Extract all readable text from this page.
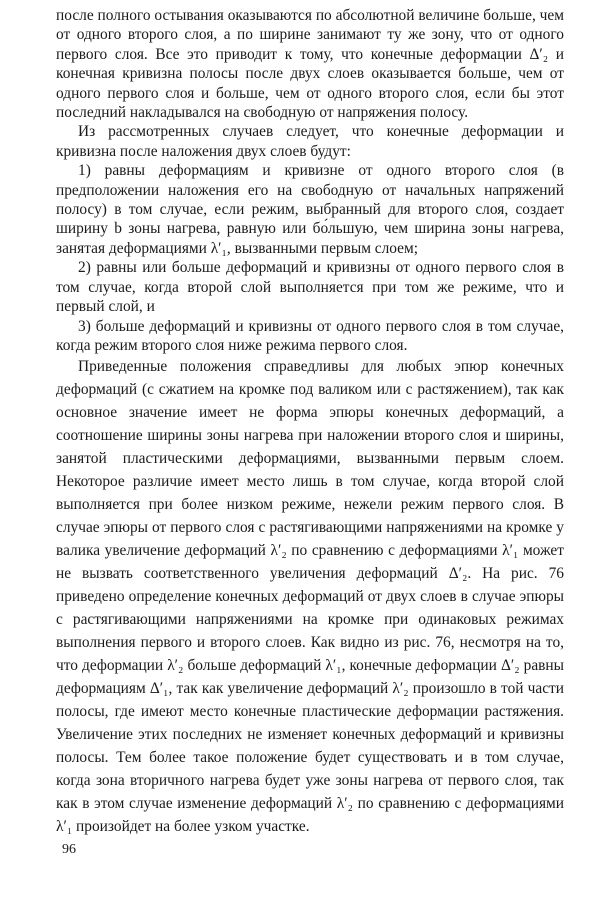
после полного остывания оказываются по абсолютной величине больше, чем от одного второго слоя, а по ширине занимают ту же зону, что от одного первого слоя. Все это приводит к тому, что конечные деформации Δ′₂ и конечная кривизна полосы после двух слоев оказывается больше, чем от одного первого слоя и больше, чем от одного второго слоя, если бы этот последний накладывался на свободную от напряжения полосу.

Из рассмотренных случаев следует, что конечные деформации и кривизна после наложения двух слоев будут:

1) равны деформациям и кривизне от одного второго слоя (в предположении наложения его на свободную от начальных напряжений полосу) в том случае, если режим, выбранный для второго слоя, создает ширину b зоны нагрева, равную или бо́льшую, чем ширина зоны нагрева, занятая деформациями λ′₁, вызванными первым слоем;

2) равны или больше деформаций и кривизны от одного первого слоя в том случае, когда второй слой выполняется при том же режиме, что и первый слой, и

3) больше деформаций и кривизны от одного первого слоя в том случае, когда режим второго слоя ниже режима первого слоя.

Приведенные положения справедливы для любых эпюр конечных деформаций (с сжатием на кромке под валиком или с растяжением), так как основное значение имеет не форма эпюры конечных деформаций, а соотношение ширины зоны нагрева при наложении второго слоя и ширины, занятой пластическими деформациями, вызванными первым слоем. Некоторое различие имеет место лишь в том случае, когда второй слой выполняется при более низком режиме, нежели режим первого слоя. В случае эпюры от первого слоя с растягивающими напряжениями на кромке у валика увеличение деформаций λ′₂ по сравнению с деформациями λ′₁ может не вызвать соответственного увеличения деформаций Δ′₂. На рис. 76 приведено определение конечных деформаций от двух слоев в случае эпюры с растягивающими напряжениями на кромке при одинаковых режимах выполнения первого и второго слоев. Как видно из рис. 76, несмотря на то, что деформации λ′₂ больше деформаций λ′₁, конечные деформации Δ′₂ равны деформациям Δ′₁, так как увеличение деформаций λ′₂ произошло в той части полосы, где имеют место конечные пластические деформации растяжения. Увеличение этих последних не изменяет конечных деформаций и кривизны полосы. Тем более такое положение будет существовать и в том случае, когда зона вторичного нагрева будет уже зоны нагрева от первого слоя, так как в этом случае изменение деформаций λ′₂ по сравнению с деформациями λ′₁ произойдет на более узком участке.

96
